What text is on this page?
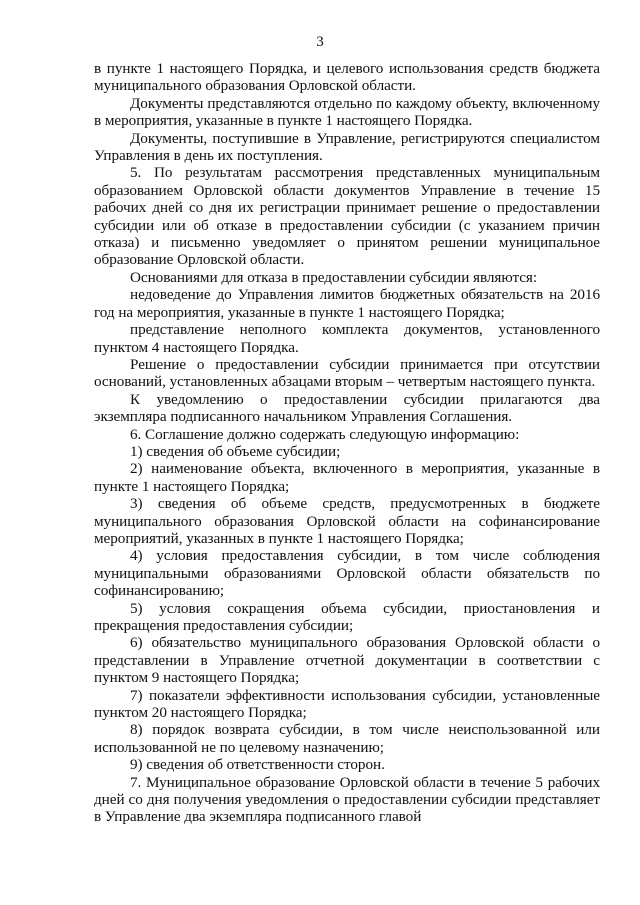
3

в пункте 1 настоящего Порядка, и целевого использования средств бюджета муниципального образования Орловской области.

Документы представляются отдельно по каждому объекту, включенному в мероприятия, указанные в пункте 1 настоящего Порядка.

Документы, поступившие в Управление, регистрируются специалистом Управления в день их поступления.

5. По результатам рассмотрения представленных муниципальным образованием Орловской области документов Управление в течение 15 рабочих дней со дня их регистрации принимает решение о предоставлении субсидии или об отказе в предоставлении субсидии (с указанием причин отказа) и письменно уведомляет о принятом решении муниципальное образование Орловской области.

Основаниями для отказа в предоставлении субсидии являются:

недоведение до Управления лимитов бюджетных обязательств на 2016 год на мероприятия, указанные в пункте 1 настоящего Порядка;

представление неполного комплекта документов, установленного пунктом 4 настоящего Порядка.

Решение о предоставлении субсидии принимается при отсутствии оснований, установленных абзацами вторым – четвертым настоящего пункта.

К уведомлению о предоставлении субсидии прилагаются два экземпляра подписанного начальником Управления Соглашения.

6. Соглашение должно содержать следующую информацию:

1) сведения об объеме субсидии;

2) наименование объекта, включенного в мероприятия, указанные в пункте 1 настоящего Порядка;

3) сведения об объеме средств, предусмотренных в бюджете муниципального образования Орловской области на софинансирование мероприятий, указанных в пункте 1 настоящего Порядка;

4) условия предоставления субсидии, в том числе соблюдения муниципальными образованиями Орловской области обязательств по софинансированию;

5) условия сокращения объема субсидии, приостановления и прекращения предоставления субсидии;

6) обязательство муниципального образования Орловской области о представлении в Управление отчетной документации в соответствии с пунктом 9 настоящего Порядка;

7) показатели эффективности использования субсидии, установленные пунктом 20 настоящего Порядка;

8) порядок возврата субсидии, в том числе неиспользованной или использованной не по целевому назначению;

9) сведения об ответственности сторон.

7. Муниципальное образование Орловской области в течение 5 рабочих дней со дня получения уведомления о предоставлении субсидии представляет в Управление два экземпляра подписанного главой
